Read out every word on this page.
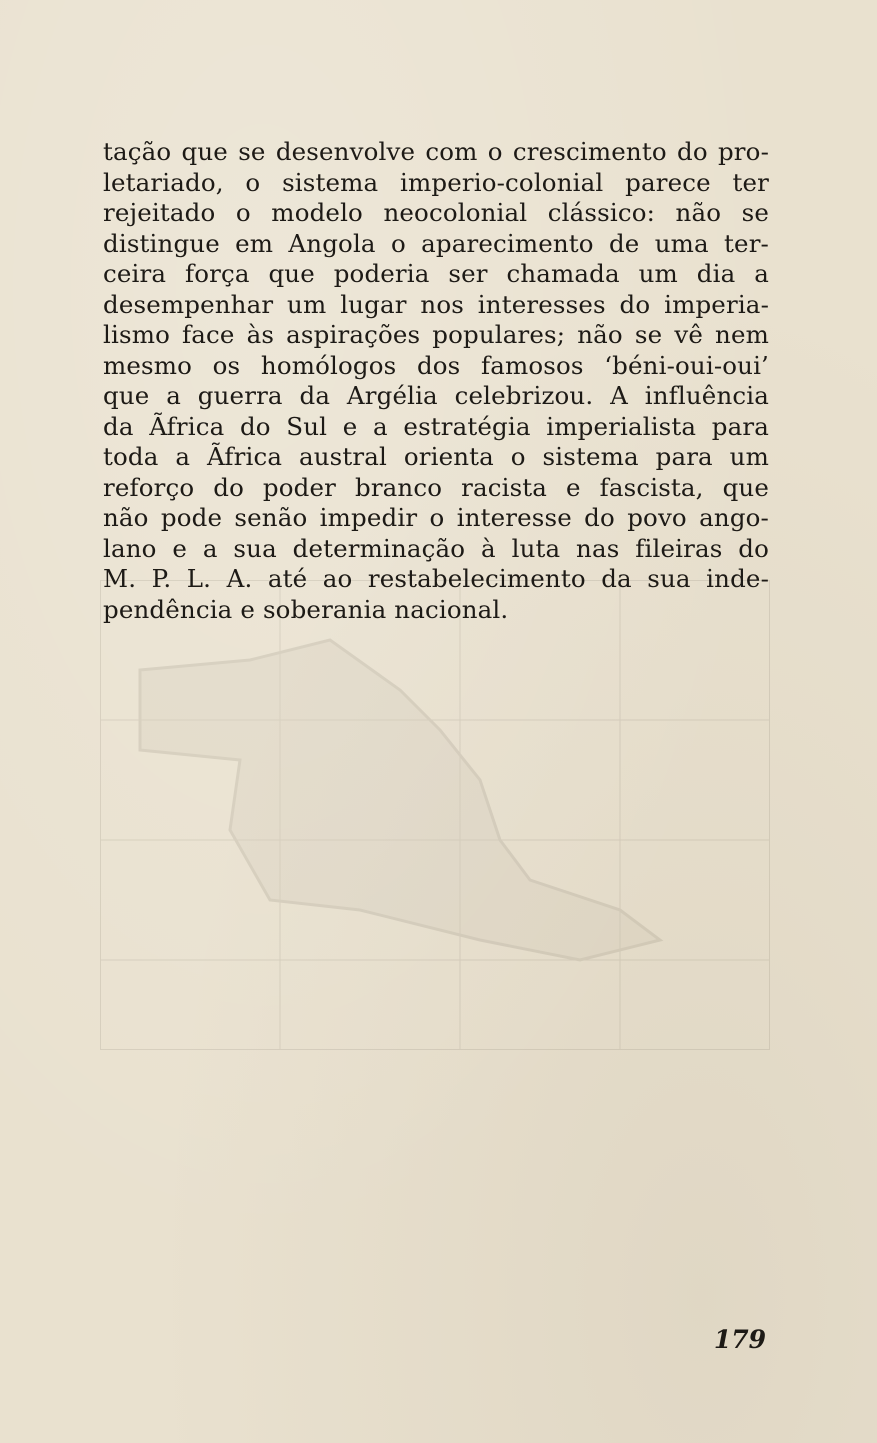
tação que se desenvolve com o crescimento do pro-
letariado, o sistema imperio-colonial parece ter
rejeitado o modelo neocolonial clássico: não se
distingue em Angola o aparecimento de uma ter-
ceira força que poderia ser chamada um dia a
desempenhar um lugar nos interesses do imperia-
lismo face às aspirações populares; não se vê nem
mesmo os homólogos dos famosos ‘béni-oui-oui’
que a guerra da Argélia celebrizou. A influência
da Ãfrica do Sul e a estratégia imperialista para
toda a Ãfrica austral orienta o sistema para um
reforço do poder branco racista e fascista, que
não pode senão impedir o interesse do povo ango-
lano e a sua determinação à luta nas fileiras do
M. P. L. A. até ao restabelecimento da sua inde-
pendência e soberania nacional.
179
